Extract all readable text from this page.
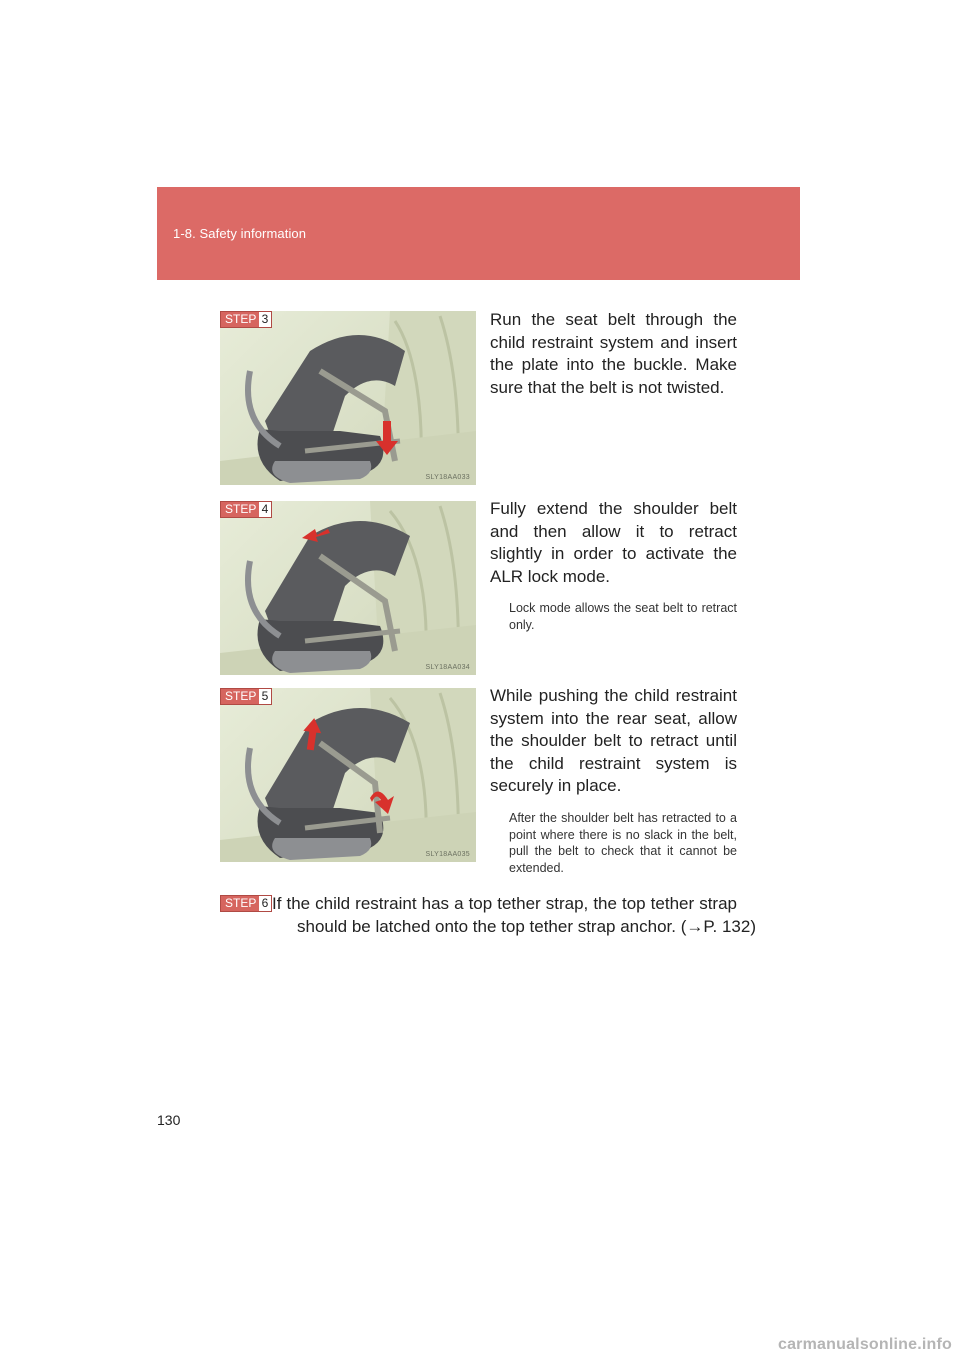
1-8. Safety information
SLY18AA033
STEP 3	Run the seat belt through the child restraint system and insert the plate into the buckle. Make sure that the belt is not twisted.
SLY18AA034
STEP 4	Fully extend the shoulder belt and then allow it to retract slightly in order to activate the ALR lock mode.
Lock mode allows the seat belt to retract only.
SLY18AA035
STEP 5	While pushing the child restraint system into the rear seat, allow the shoulder belt to retract until the child restraint system is securely in place.
After the shoulder belt has retracted to a point where there is no slack in the belt, pull the belt to check that it cannot be extended.
STEP 6 If the child restraint has a top tether strap, the top tether strap
should be latched onto the top tether strap anchor. (→P. 132)
130
carmanualsonline.info
